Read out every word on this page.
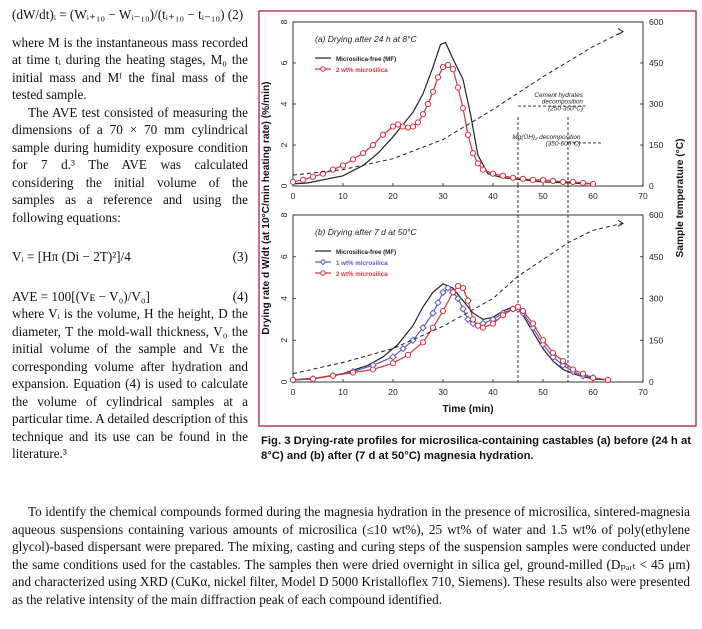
(dW/dt)ᵢ = (Wᵢ₊₁₀ − Wᵢ₋₁₀)/(tᵢ₊₁₀ − tᵢ₋₁₀) (2)

where M is the instantaneous mass recorded at time tᵢ during the heating stages, M₀ the initial mass and Mᶠ the final mass of the tested sample.

The AVE test consisted of measuring the dimensions of a 70 × 70 mm cylindrical sample during humidity exposure condition for 7 d.³ The AVE was calculated considering the initial volume of the samples as a reference and using the following equations:

Vᵢ = [Hπ (Di − 2T)²]/4	(3)
AVE = 100[(Vᴇ − V₀)/V₀]	(4)

where Vᵢ is the volume, H the height, D the diameter, T the mold-wall thickness, V₀ the initial volume of the sample and Vᴇ the corresponding volume after hydration and expansion. Equation (4) is used to calculate the volume of cylindrical samples at a particular time. A detailed description of this technique and its use can be found in the literature.³

0	10	20	30	40	50	60	70
0
2
4
6
8
0
150
300
450
600
(a) Drying after 24 h at 8°C
Microsilica-free (MF)
2 wt% microsilica
Cement hydrates
decomposition
(250-350°C)
Mg(OH)₂ decomposition
(350-600°C)
0	10	20	30	40	50	60	70
0
2
4
6
8
0
150
300
450
600
(b) Drying after 7 d at 50°C
Microsilica-free (MF)
1 wt% microsilica
2 wt% microsilica
Drying rate d W/dt (at 10°C/min heating rate) (%/min)	Sample temperature (°C)
Time (min)
Fig. 3 Drying-rate profiles for microsilica-containing castables (a) before (24 h at 8°C) and (b) after (7 d at 50°C) magnesia hydration.

To identify the chemical compounds formed during the magnesia hydration in the presence of microsilica, sintered-magnesia aqueous suspensions containing various amounts of microsilica (≤10 wt%), 25 wt% of water and 1.5 wt% of poly(ethylene glycol)-based dispersant were prepared. The mixing, casting and curing steps of the suspension samples were conducted under the same conditions used for the castables. The samples then were dried overnight in silica gel, ground-milled (Dₚₐᵣₜ < 45 μm) and characterized using XRD (CuKα, nickel filter, Model D 5000 Kristalloflex 710, Siemens). These results also were presented as the relative intensity of the main diffraction peak of each compound identified.
